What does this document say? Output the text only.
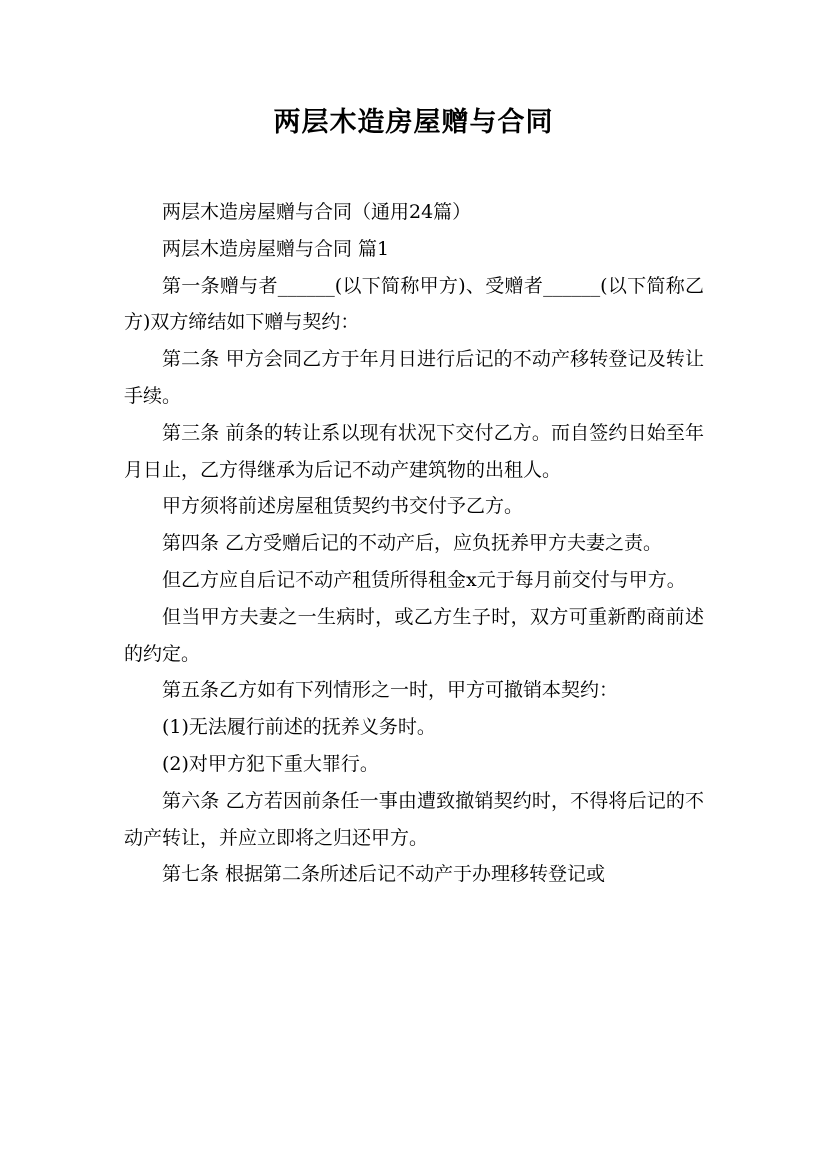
两层木造房屋赠与合同

两层木造房屋赠与合同（通用24篇）

两层木造房屋赠与合同 篇1

第一条赠与者______(以下简称甲方)、受赠者______(以下简称乙方)双方缔结如下赠与契约：

第二条 甲方会同乙方于年月日进行后记的不动产移转登记及转让手续。

第三条 前条的转让系以现有状况下交付乙方。而自签约日始至年月日止，乙方得继承为后记不动产建筑物的出租人。

甲方须将前述房屋租赁契约书交付予乙方。

第四条 乙方受赠后记的不动产后，应负抚养甲方夫妻之责。

但乙方应自后记不动产租赁所得租金x元于每月前交付与甲方。

但当甲方夫妻之一生病时，或乙方生子时，双方可重新酌商前述的约定。

第五条乙方如有下列情形之一时，甲方可撤销本契约：

(1)无法履行前述的抚养义务时。

(2)对甲方犯下重大罪行。

第六条 乙方若因前条任一事由遭致撤销契约时，不得将后记的不动产转让，并应立即将之归还甲方。

第七条 根据第二条所述后记不动产于办理移转登记或
